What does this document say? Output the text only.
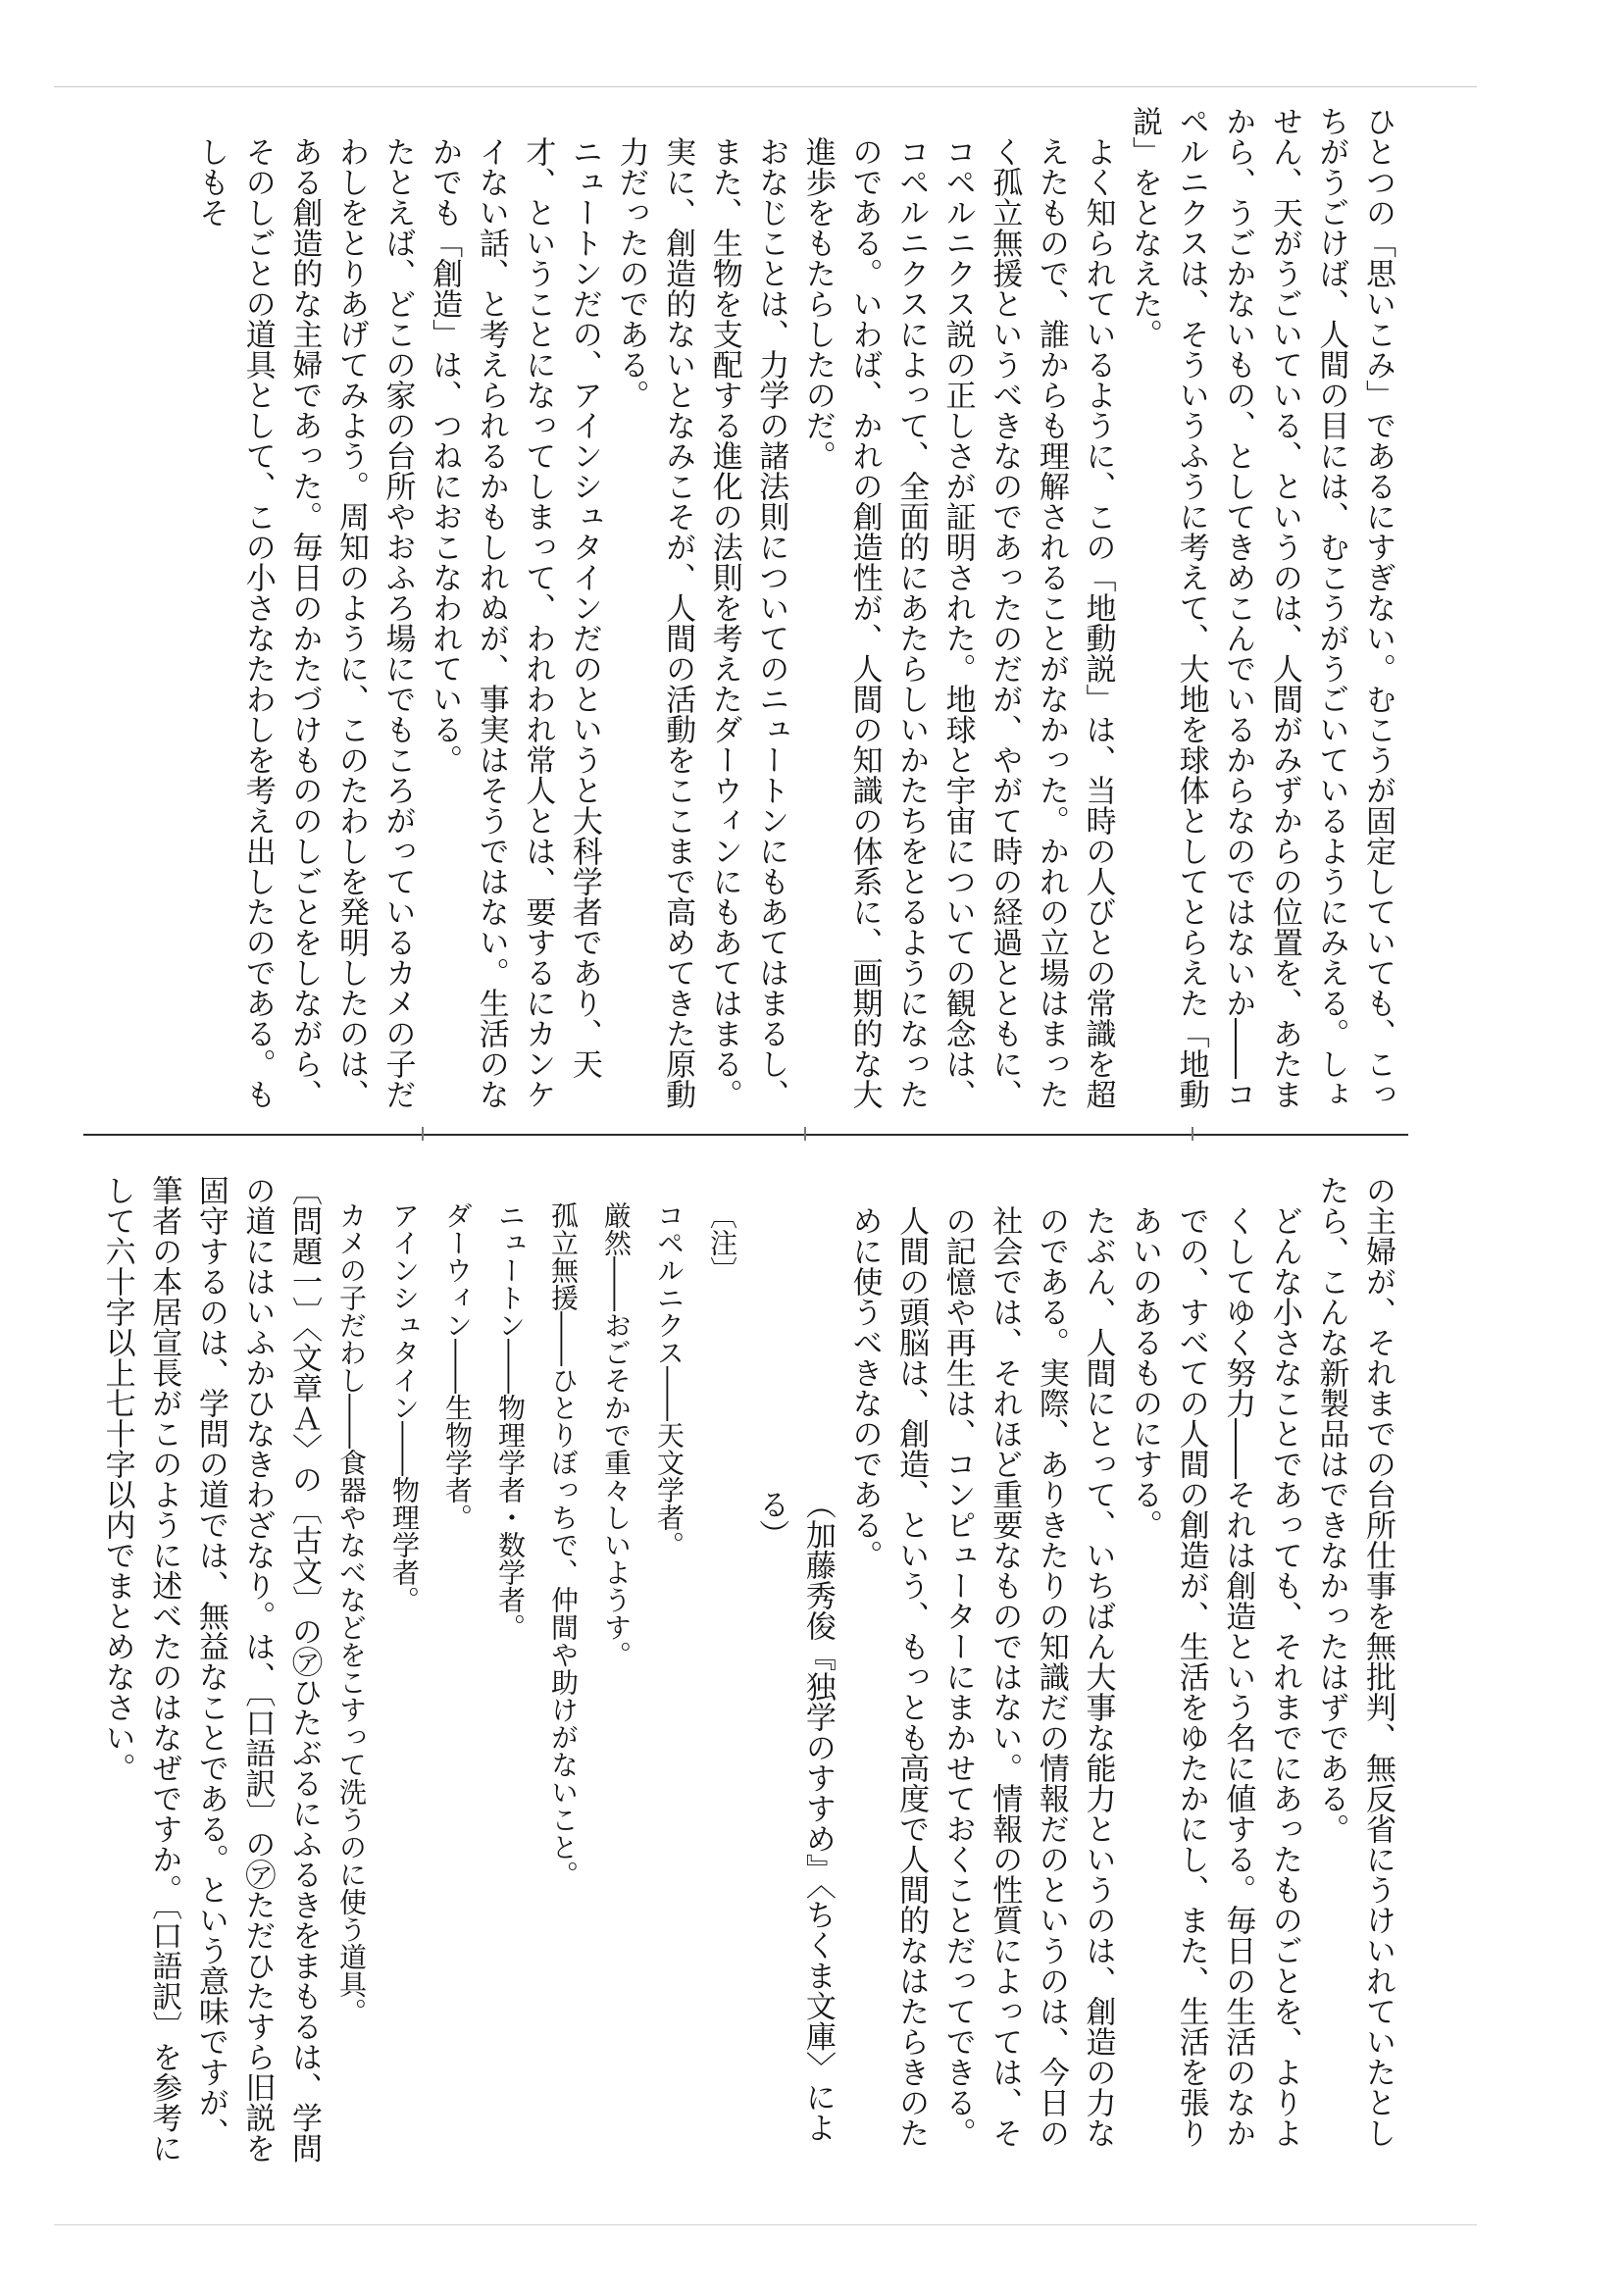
ひとつの「思いこみ」であるにすぎない。むこうが固定していても、こっちがうごけば、人間の目には、むこうがうごいているようにみえる。しょせん、天がうごいている、というのは、人間がみずからの位置を、あたまから、うごかないもの、としてきめこんでいるからなのではないか――コペルニクスは、そういうふうに考えて、大地を球体としてとらえた「地動説」をとなえた。

よく知られているように、この「地動説」は、当時の人びとの常識を超えたもので、誰からも理解されることがなかった。かれの立場はまったく孤立無援というべきなのであったのだが、やがて時の経過とともに、コペルニクス説の正しさが証明された。地球と宇宙についての観念は、コペルニクスによって、全面的にあたらしいかたちをとるようになったのである。いわば、かれの創造性が、人間の知識の体系に、画期的な大進歩をもたらしたのだ。

おなじことは、力学の諸法則についてのニュートンにもあてはまるし、また、生物を支配する進化の法則を考えたダーウィンにもあてはまる。実に、創造的ないとなみこそが、人間の活動をここまで高めてきた原動力だったのである。

ニュートンだの、アインシュタインだのというと大科学者であり、天才、ということになってしまって、われわれ常人とは、要するにカンケイない話、と考えられるかもしれぬが、事実はそうではない。生活のなかでも「創造」は、つねにおこなわれている。

たとえば、どこの家の台所やおふろ場にでもころがっているカメの子だわしをとりあげてみよう。周知のように、このたわしを発明したのは、ある創造的な主婦であった。毎日のかたづけもののしごとをしながら、そのしごとの道具として、この小さなたわしを考え出したのである。もしもそ

の主婦が、それまでの台所仕事を無批判、無反省にうけいれていたとしたら、こんな新製品はできなかったはずである。

どんな小さなことであっても、それまでにあったものごとを、よりよくしてゆく努力――それは創造という名に値する。毎日の生活のなかでの、すべての人間の創造が、生活をゆたかにし、また、生活を張りあいのあるものにする。

たぶん、人間にとって、いちばん大事な能力というのは、創造の力なのである。実際、ありきたりの知識だの情報だのというのは、今日の社会では、それほど重要なものではない。情報の性質によっては、その記憶や再生は、コンピューターにまかせておくことだってできる。人間の頭脳は、創造、という、もっとも高度で人間的なはたらきのために使うべきなのである。

（加藤秀俊『独学のすすめ』〈ちくま文庫〉による）

〔注〕

コペルニクス――天文学者。

厳然――おごそかで重々しいようす。

孤立無援――ひとりぼっちで、仲間や助けがないこと。

ニュートン――物理学者・数学者。

ダーウィン――生物学者。

アインシュタイン――物理学者。

カメの子だわし――食器やなべなどをこすって洗うのに使う道具。

〔問題一〕〈文章Ａ〉の〔古文〕の㋐ひたぶるにふるきをまもるは、学問の道にはいふかひなきわざなり。は、〔口語訳〕の㋐ただひたすら旧説を固守するのは、学問の道では、無益なことである。という意味ですが、筆者の本居宣長がこのように述べたのはなぜですか。〔口語訳〕を参考にして六十字以上七十字以内でまとめなさい。
